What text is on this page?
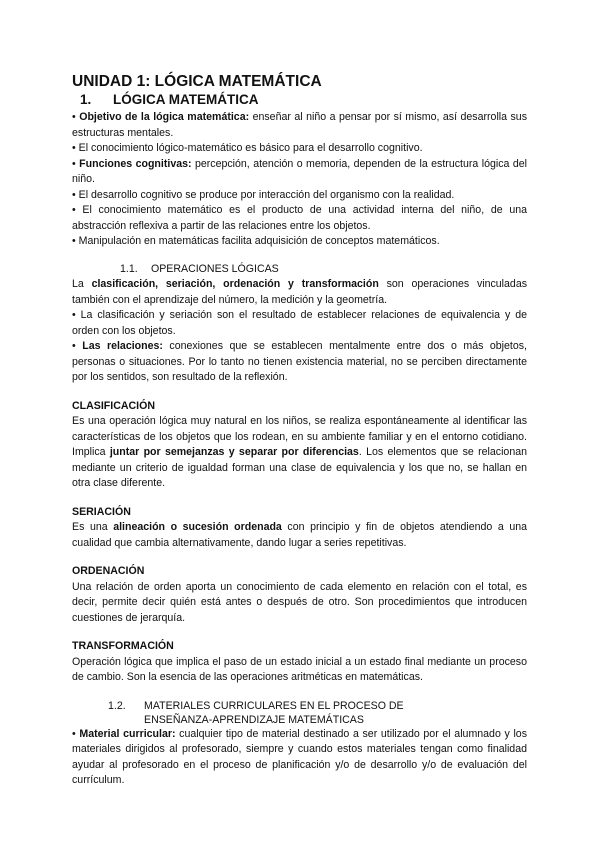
UNIDAD 1: LÓGICA MATEMÁTICA
1. LÓGICA MATEMÁTICA

• Objetivo de la lógica matemática: enseñar al niño a pensar por sí mismo, así desarrolla sus estructuras mentales.

• El conocimiento lógico-matemático es básico para el desarrollo cognitivo.

• Funciones cognitivas: percepción, atención o memoria, dependen de la estructura lógica del niño.

• El desarrollo cognitivo se produce por interacción del organismo con la realidad.

• El conocimiento matemático es el producto de una actividad interna del niño, de una abstracción reflexiva a partir de las relaciones entre los objetos.

• Manipulación en matemáticas facilita adquisición de conceptos matemáticos.

1.1. OPERACIONES LÓGICAS

La clasificación, seriación, ordenación y transformación son operaciones vinculadas también con el aprendizaje del número, la medición y la geometría.

• La clasificación y seriación son el resultado de establecer relaciones de equivalencia y de orden con los objetos.

• Las relaciones: conexiones que se establecen mentalmente entre dos o más objetos, personas o situaciones. Por lo tanto no tienen existencia material, no se perciben directamente por los sentidos, son resultado de la reflexión.

CLASIFICACIÓN

Es una operación lógica muy natural en los niños, se realiza espontáneamente al identificar las características de los objetos que los rodean, en su ambiente familiar y en el entorno cotidiano. Implica juntar por semejanzas y separar por diferencias. Los elementos que se relacionan mediante un criterio de igualdad forman una clase de equivalencia y los que no, se hallan en otra clase diferente.

SERIACIÓN

Es una alineación o sucesión ordenada con principio y fin de objetos atendiendo a una cualidad que cambia alternativamente, dando lugar a series repetitivas.

ORDENACIÓN

Una relación de orden aporta un conocimiento de cada elemento en relación con el total, es decir, permite decir quién está antes o después de otro. Son procedimientos que introducen cuestiones de jerarquía.

TRANSFORMACIÓN

Operación lógica que implica el paso de un estado inicial a un estado final mediante un proceso de cambio. Son la esencia de las operaciones aritméticas en matemáticas.

1.2.	MATERIALES CURRICULARES EN EL PROCESO DE
ENSEÑANZA-APRENDIZAJE MATEMÁTICAS

• Material curricular: cualquier tipo de material destinado a ser utilizado por el alumnado y los materiales dirigidos al profesorado, siempre y cuando estos materiales tengan como finalidad ayudar al profesorado en el proceso de planificación y/o de desarrollo y/o de evaluación del currículum.
